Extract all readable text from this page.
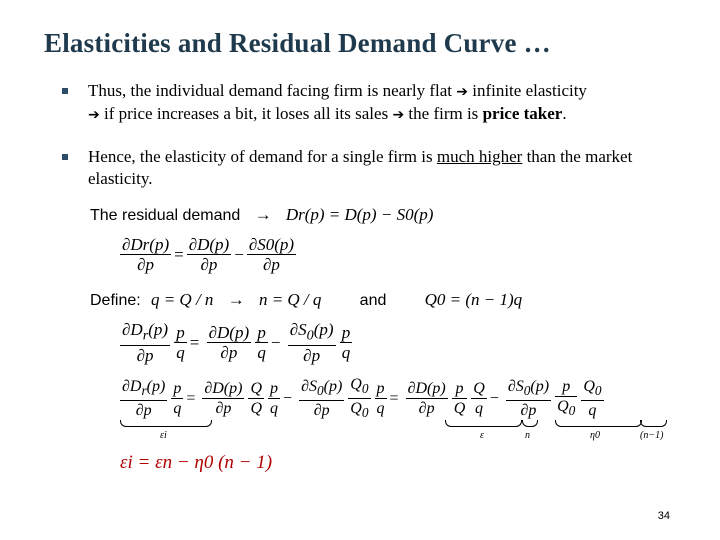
Elasticities and Residual Demand Curve …
Thus, the individual demand facing firm is nearly flat ➔ infinite elasticity
➔ if price increases a bit, it loses all its sales ➔ the firm is price taker.
Hence, the elasticity of demand for a single firm is much higher than the market elasticity.
The residual demand → Dr(p) = D(p) − S0(p)
$\frac{\partial Dr(p)}{\partial p} = \frac{\partial D(p)}{\partial p} - \frac{\partial S0(p)}{\partial p}$
Define: q = Q / n → n = Q / q and Q0 = (n − 1)q
$\frac{\partial D_r(p)}{\partial p}$
$\frac{p}{q} = \frac{\partial D(p)}{\partial p}$
$\frac{p}{q} - \frac{\partial S_0(p)}{\partial p}$
$\frac{p}{q}$
$\frac{\partial D_r(p)}{\partial p}$
$\frac{p}{q} = \frac{\partial D(p)}{\partial p}$
$\frac{Q}{Q}$
$\frac{p}{q} - \frac{\partial S_0(p)}{\partial p}$
$\frac{Q_0}{Q_0}$
$\frac{p}{q} = \frac{\partial D(p)}{\partial p}$
$\frac{p}{Q}$
$\frac{Q}{q} - \frac{\partial S_0(p)}{\partial p}$
$\frac{p}{Q_0}$
$\frac{Q_0}{q}$
εi	ε	n	η0	(n−1)
εi = εn − η0 (n − 1)
34
